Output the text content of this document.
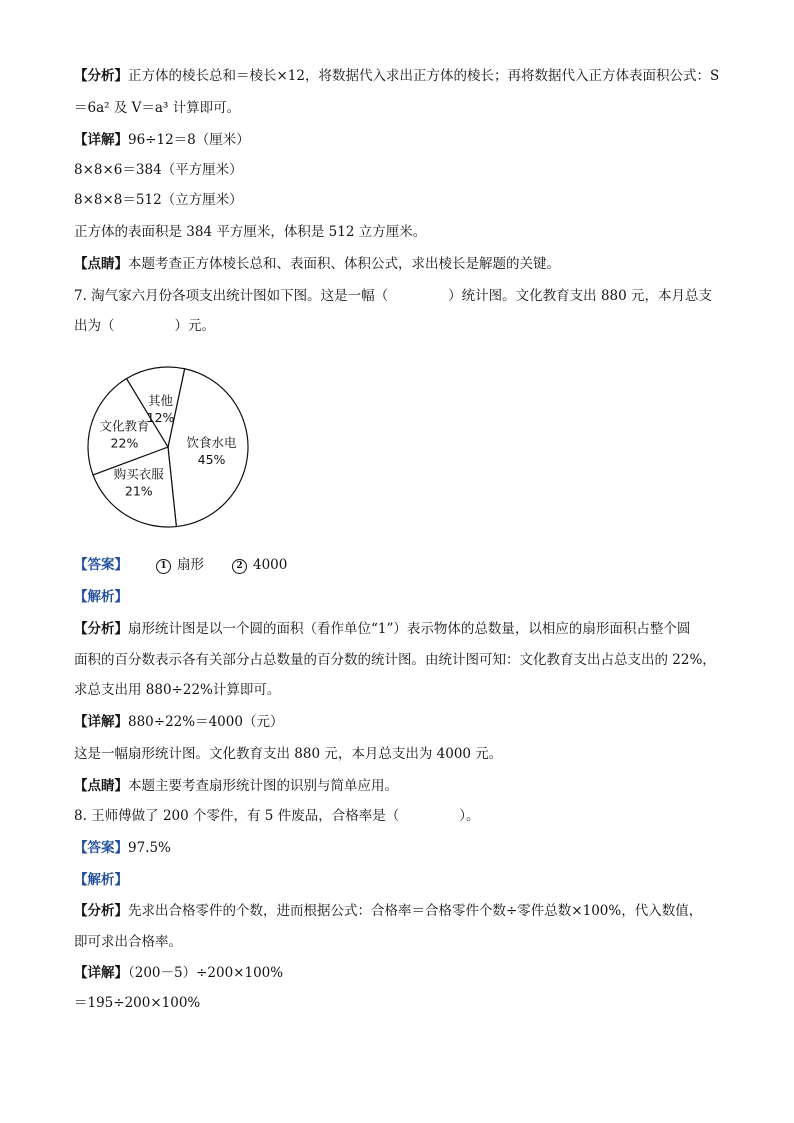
【分析】正方体的棱长总和＝棱长×12，将数据代入求出正方体的棱长；再将数据代入正方体表面积公式：S
＝6a² 及 V＝a³ 计算即可。
【详解】96÷12＝8（厘米）
8×8×6＝384（平方厘米）
8×8×8＝512（立方厘米）
正方体的表面积是 384 平方厘米，体积是 512 立方厘米。
【点睛】本题考查正方体棱长总和、表面积、体积公式，求出棱长是解题的关键。
7. 淘气家六月份各项支出统计图如下图。这是一幅（	）统计图。文化教育支出 880 元，本月总支
出为（	）元。
饮食水电
45%
购买衣服
21%
文化教育
22%
其他
12%
【答案】	1 扇形	2 4000
【解析】
【分析】扇形统计图是以一个圆的面积（看作单位“1”）表示物体的总数量，以相应的扇形面积占整个圆
面积的百分数表示各有关部分占总数量的百分数的统计图。由统计图可知：文化教育支出占总支出的 22%，
求总支出用 880÷22%计算即可。
【详解】880÷22%＝4000（元）
这是一幅扇形统计图。文化教育支出 880 元，本月总支出为 4000 元。
【点睛】本题主要考查扇形统计图的识别与简单应用。
8. 王师傅做了 200 个零件，有 5 件废品，合格率是（	）。
【答案】97.5%
【解析】
【分析】先求出合格零件的个数，进而根据公式：合格率＝合格零件个数÷零件总数×100%，代入数值，
即可求出合格率。
【详解】（200－5）÷200×100%
＝195÷200×100%
